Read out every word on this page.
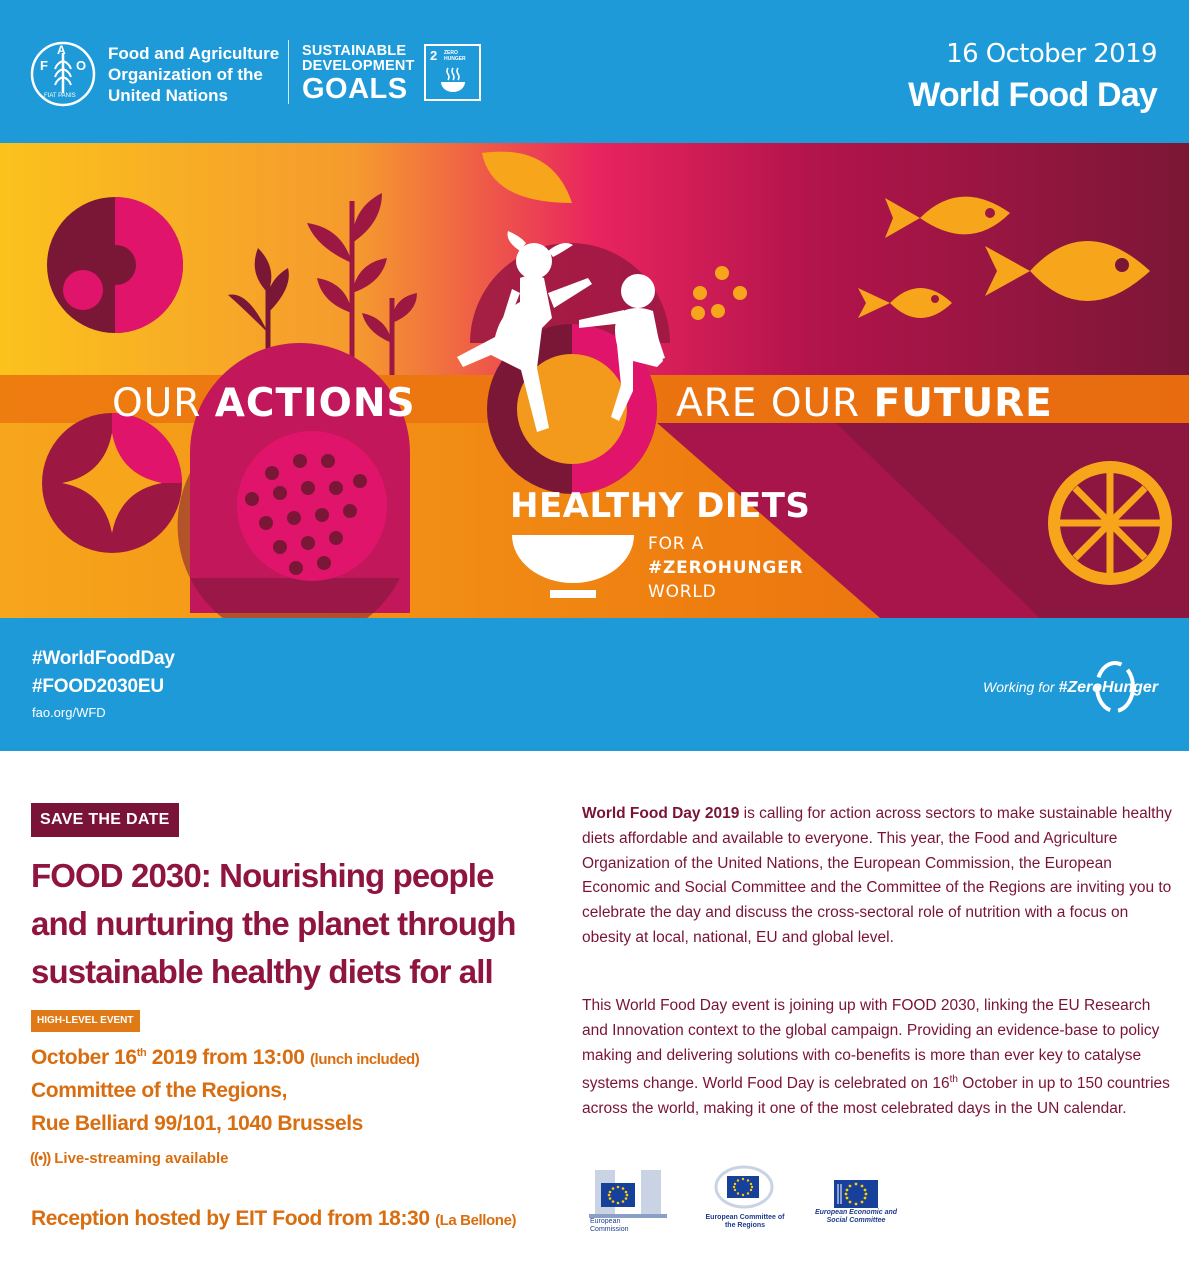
F
A
O
FIAT PANIS
Food and Agriculture
Organization of the
United Nations
SUSTAINABLE
DEVELOPMENT
GOALS
2 ZERO HUNGER	16 October 2019
World Food Day
OUR ACTIONS	ARE OUR FUTURE
HEALTHY DIETS
FOR A
#ZEROHUNGER
WORLD
#WorldFoodDay
#FOOD2030EU
fao.org/WFD
Working for #ZeroHunger
SAVE THE DATE
FOOD 2030: Nourishing people and nurturing the planet through sustainable healthy diets for all
HIGH-LEVEL EVENT
October 16th 2019 from 13:00 (lunch included)
Committee of the Regions,
Rue Belliard 99/101, 1040 Brussels
((•)) Live-streaming available
Reception hosted by EIT Food from 18:30 (La Bellone)
World Food Day 2019 is calling for action across sectors to make sustainable healthy diets affordable and available to everyone. This year, the Food and Agriculture Organization of the United Nations, the European Commission, the European Economic and Social Committee and the Committee of the Regions are inviting you to celebrate the day and discuss the cross-sectoral role of nutrition with a focus on obesity at local, national, EU and global level.
This World Food Day event is joining up with FOOD 2030, linking the EU Research and Innovation context to the global campaign. Providing an evidence-base to policy making and delivering solutions with co-benefits is more than ever key to catalyse systems change. World Food Day is celebrated on 16th October in up to 150 countries across the world, making it one of the most celebrated days in the UN calendar.
European Commission
European Committee of the Regions
European Economic and Social Committee
